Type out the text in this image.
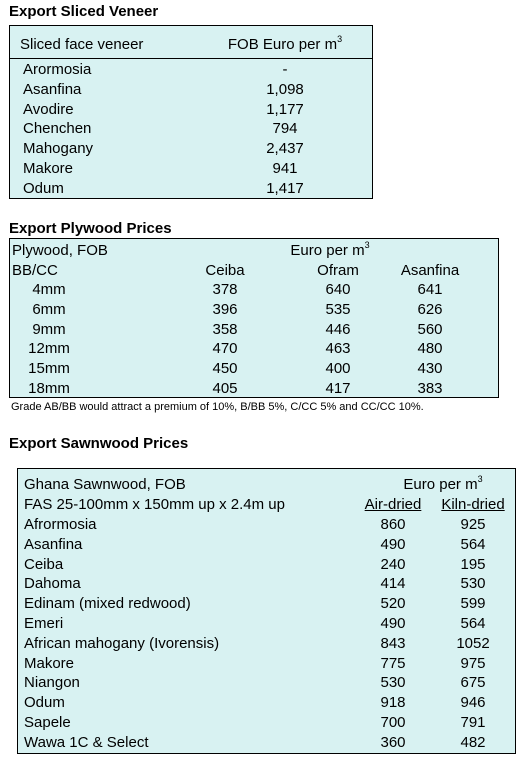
Export Sliced Veneer
Sliced face veneer	FOB Euro per $m^3$
Arormosia	-
Asanfina	1,098
Avodire	1,177
Chenchen	794
Mahogany	2,437
Makore	941
Odum	1,417
Export Plywood Prices
Plywood, FOB	Euro per $m^3$
BB/CC	Ceiba	Ofram	Asanfina
4mm	378	640	641
6mm	396	535	626
9mm	358	446	560
12mm	470	463	480
15mm	450	400	430
18mm	405	417	383
Grade AB/BB would attract a premium of 10%, B/BB 5%, C/CC 5% and CC/CC 10%.
Export Sawnwood Prices
Ghana Sawnwood, FOB	Euro per $m^3$
FAS 25-100mm x 150mm up x 2.4m up	Air-dried	Kiln-dried
Afrormosia	860	925
Asanfina	490	564
Ceiba	240	195
Dahoma	414	530
Edinam (mixed redwood)	520	599
Emeri	490	564
African mahogany (Ivorensis)	843	1052
Makore	775	975
Niangon	530	675
Odum	918	946
Sapele	700	791
Wawa 1C & Select	360	482
